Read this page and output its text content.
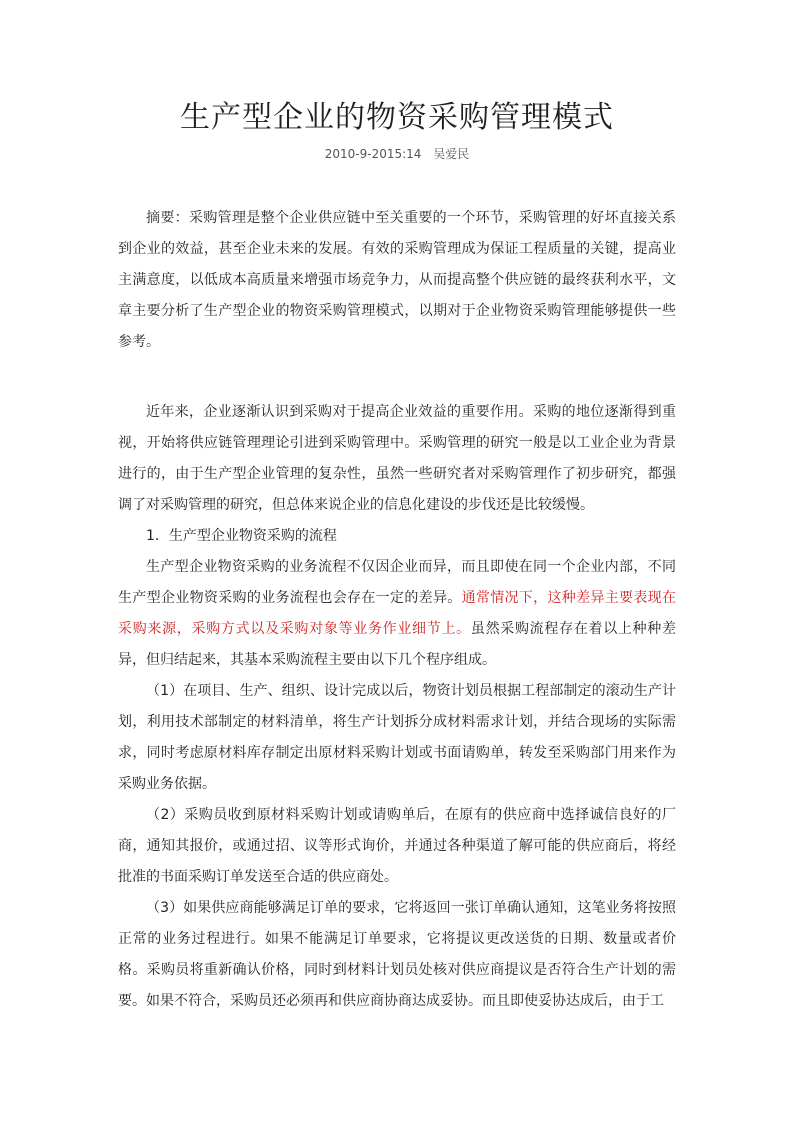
生产型企业的物资采购管理模式
2010-9-2015:14 吴爱民

摘要：采购管理是整个企业供应链中至关重要的一个环节，采购管理的好坏直接关系到企业的效益，甚至企业未来的发展。有效的采购管理成为保证工程质量的关键，提高业主满意度，以低成本高质量来增强市场竞争力，从而提高整个供应链的最终获利水平，文章主要分析了生产型企业的物资采购管理模式，以期对于企业物资采购管理能够提供一些参考。

近年来，企业逐渐认识到采购对于提高企业效益的重要作用。采购的地位逐渐得到重视，开始将供应链管理理论引进到采购管理中。采购管理的研究一般是以工业企业为背景进行的，由于生产型企业管理的复杂性，虽然一些研究者对采购管理作了初步研究，都强调了对采购管理的研究，但总体来说企业的信息化建设的步伐还是比较缓慢。

1．生产型企业物资采购的流程

生产型企业物资采购的业务流程不仅因企业而异，而且即使在同一个企业内部，不同生产型企业物资采购的业务流程也会存在一定的差异。通常情况下，这种差异主要表现在采购来源，采购方式以及采购对象等业务作业细节上。虽然采购流程存在着以上种种差异，但归结起来，其基本采购流程主要由以下几个程序组成。

（1）在项目、生产、组织、设计完成以后，物资计划员根据工程部制定的滚动生产计划，利用技术部制定的材料清单，将生产计划拆分成材料需求计划，并结合现场的实际需求，同时考虑原材料库存制定出原材料采购计划或书面请购单，转发至采购部门用来作为采购业务依据。

（2）采购员收到原材料采购计划或请购单后，在原有的供应商中选择诚信良好的厂商，通知其报价，或通过招、议等形式询价，并通过各种渠道了解可能的供应商后，将经批准的书面采购订单发送至合适的供应商处。

（3）如果供应商能够满足订单的要求，它将返回一张订单确认通知，这笔业务将按照正常的业务过程进行。如果不能满足订单要求，它将提议更改送货的日期、数量或者价格。采购员将重新确认价格，同时到材料计划员处核对供应商提议是否符合生产计划的需要。如果不符合，采购员还必须再和供应商协商达成妥协。而且即使妥协达成后，由于工
